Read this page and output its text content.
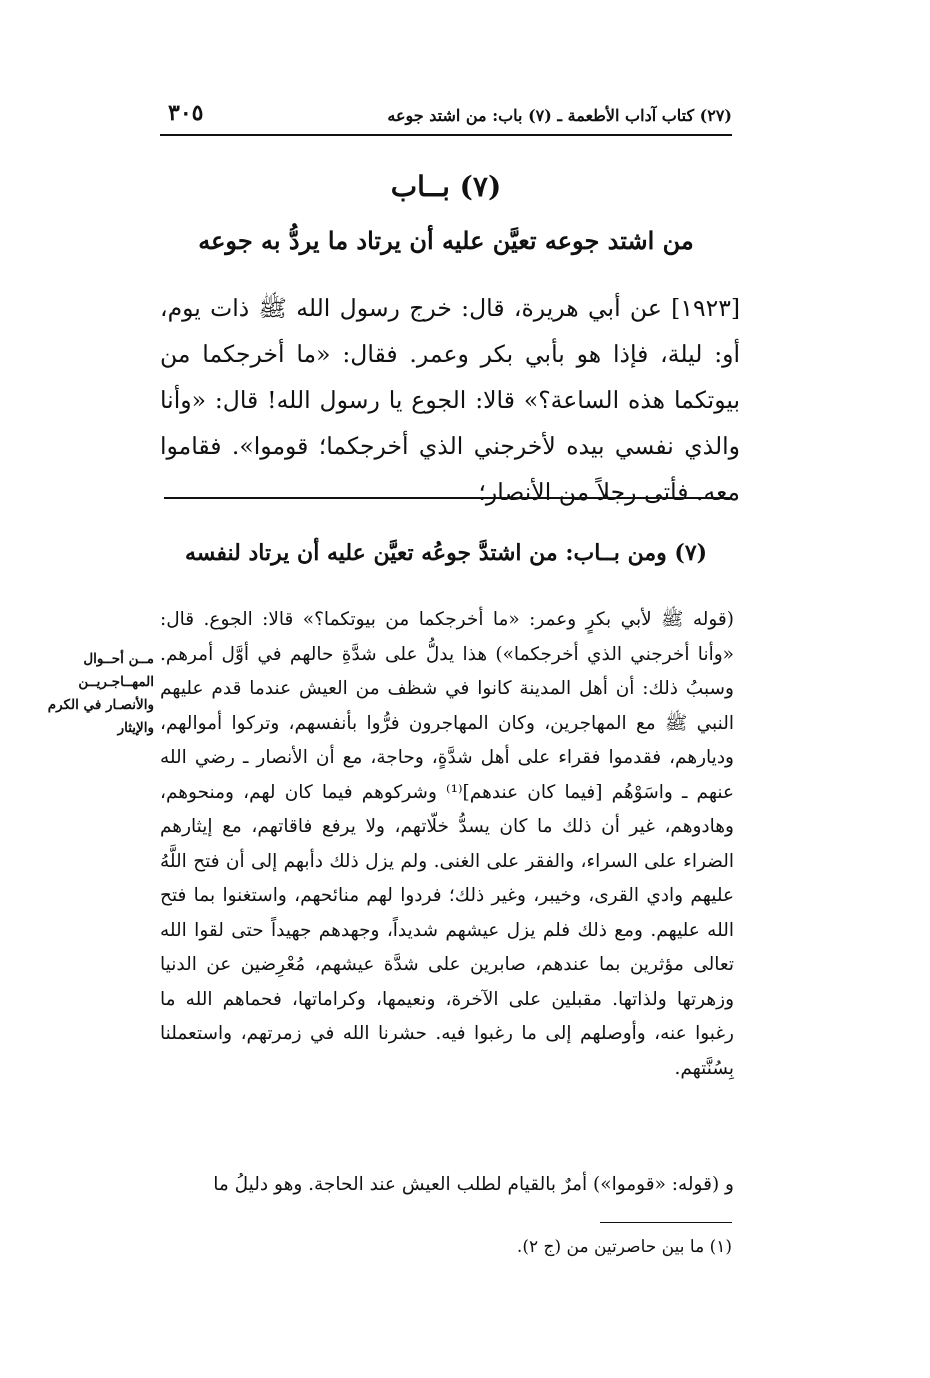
(٢٧) كتاب آداب الأطعمة ـ (٧) باب: من اشتد جوعه
٣٠٥
(٧) بــاب
من اشتد جوعه تعيَّن عليه أن يرتاد ما يردُّ به جوعه

[١٩٢٣] عن أبي هريرة، قال: خرج رسول الله ﷺ ذات يوم، أو: ليلة، فإذا هو بأبي بكر وعمر. فقال: «ما أخرجكما من بيوتكما هذه الساعة؟» قالا: الجوع يا رسول الله! قال: «وأنا والذي نفسي بيده لأخرجني الذي أخرجكما؛ قوموا». فقاموا معه. فأتى رجلاً من الأنصار؛

(٧) ومن بــاب: من اشتدَّ جوعُه تعيَّن عليه أن يرتاد لنفسه

(قوله ﷺ لأبي بكرٍ وعمر: «ما أخرجكما من بيوتكما؟» قالا: الجوع. قال: «وأنا أخرجني الذي أخرجكما») هذا يدلُّ على شدَّةِ حالهم في أوَّل أمرهم. وسببُ ذلك: أن أهل المدينة كانوا في شظف من العيش عندما قدم عليهم النبي ﷺ مع المهاجرين، وكان المهاجرون فرُّوا بأنفسهم، وتركوا أموالهم، وديارهم، فقدموا فقراء على أهل شدَّةٍ، وحاجة، مع أن الأنصار ـ رضي الله عنهم ـ واسَوْهُم [فيما كان عندهم]⁽¹⁾ وشركوهم فيما كان لهم، ومنحوهم، وهادوهم، غير أن ذلك ما كان يسدُّ خلّاتهم، ولا يرفع فاقاتهم، مع إيثارهم الضراء على السراء، والفقر على الغنى. ولم يزل ذلك دأبهم إلى أن فتح اللَّهُ عليهم وادي القرى، وخيبر، وغير ذلك؛ فردوا لهم منائحهم، واستغنوا بما فتح الله عليهم. ومع ذلك فلم يزل عيشهم شديداً، وجهدهم جهيداً حتى لقوا الله تعالى مؤثرين بما عندهم، صابرين على شدَّة عيشهم، مُعْرِضين عن الدنيا وزهرتها ولذاتها. مقبلين على الآخرة، ونعيمها، وكراماتها، فحماهم الله ما رغبوا عنه، وأوصلهم إلى ما رغبوا فيه. حشرنا الله في زمرتهم، واستعملنا بِسُنَّتهم.

و (قوله: «قوموا») أمرٌ بالقيام لطلب العيش عند الحاجة. وهو دليلُ ما

مــن أحــوال المهــاجـريــن والأنصـار في الكرم والإيثار

(١) ما بين حاصرتين من (ج ٢).
